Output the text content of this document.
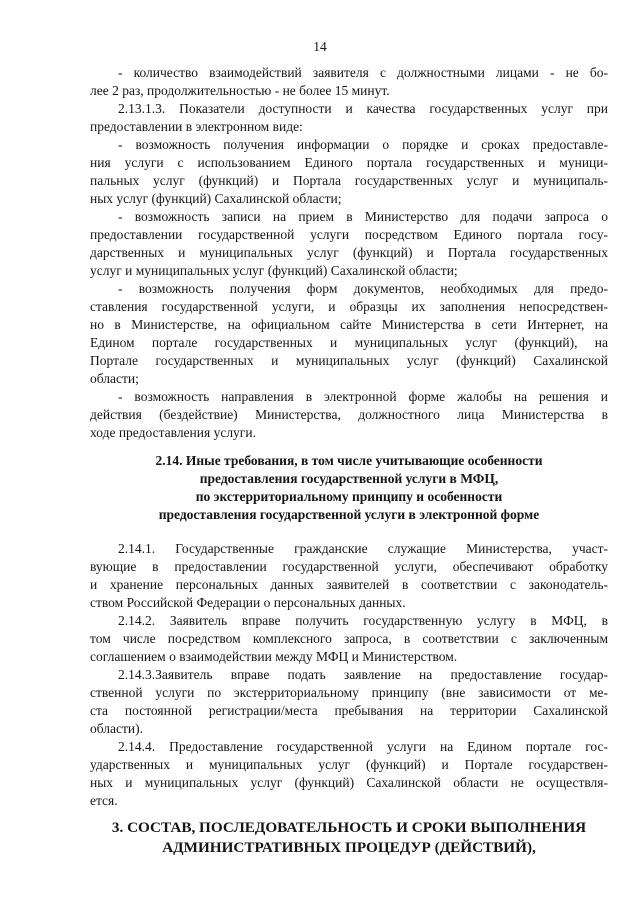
14
- количество взаимодействий заявителя с должностными лицами - не бо-
лее 2 раз, продолжительностью - не более 15 минут.
2.13.1.3. Показатели доступности и качества государственных услуг при
предоставлении в электронном виде:
- возможность получения информации о порядке и сроках предоставле-
ния услуги с использованием Единого портала государственных и муници-
пальных услуг (функций) и Портала государственных услуг и муниципаль-
ных услуг (функций) Сахалинской области;
- возможность записи на прием в Министерство для подачи запроса о
предоставлении государственной услуги посредством Единого портала госу-
дарственных и муниципальных услуг (функций) и Портала государственных
услуг и муниципальных услуг (функций) Сахалинской области;
- возможность получения форм документов, необходимых для предо-
ставления государственной услуги, и образцы их заполнения непосредствен-
но в Министерстве, на официальном сайте Министерства в сети Интернет, на
Едином портале государственных и муниципальных услуг (функций), на
Портале государственных и муниципальных услуг (функций) Сахалинской
области;
- возможность направления в электронной форме жалобы на решения и
действия (бездействие) Министерства, должностного лица Министерства в
ходе предоставления услуги.
2.14. Иные требования, в том числе учитывающие особенности
предоставления государственной услуги в МФЦ,
по экстерриториальному принципу и особенности
предоставления государственной услуги в электронной форме
2.14.1. Государственные гражданские служащие Министерства, участ-
вующие в предоставлении государственной услуги, обеспечивают обработку
и хранение персональных данных заявителей в соответствии с законодатель-
ством Российской Федерации о персональных данных.
2.14.2. Заявитель вправе получить государственную услугу в МФЦ, в
том числе посредством комплексного запроса, в соответствии с заключенным
соглашением о взаимодействии между МФЦ и Министерством.
2.14.3.Заявитель вправе подать заявление на предоставление государ-
ственной услуги по экстерриториальному принципу (вне зависимости от ме-
ста постоянной регистрации/места пребывания на территории Сахалинской
области).
2.14.4. Предоставление государственной услуги на Едином портале гос-
ударственных и муниципальных услуг (функций) и Портале государствен-
ных и муниципальных услуг (функций) Сахалинской области не осуществля-
ется.
3. СОСТАВ, ПОСЛЕДОВАТЕЛЬНОСТЬ И СРОКИ ВЫПОЛНЕНИЯ
АДМИНИСТРАТИВНЫХ ПРОЦЕДУР (ДЕЙСТВИЙ),
